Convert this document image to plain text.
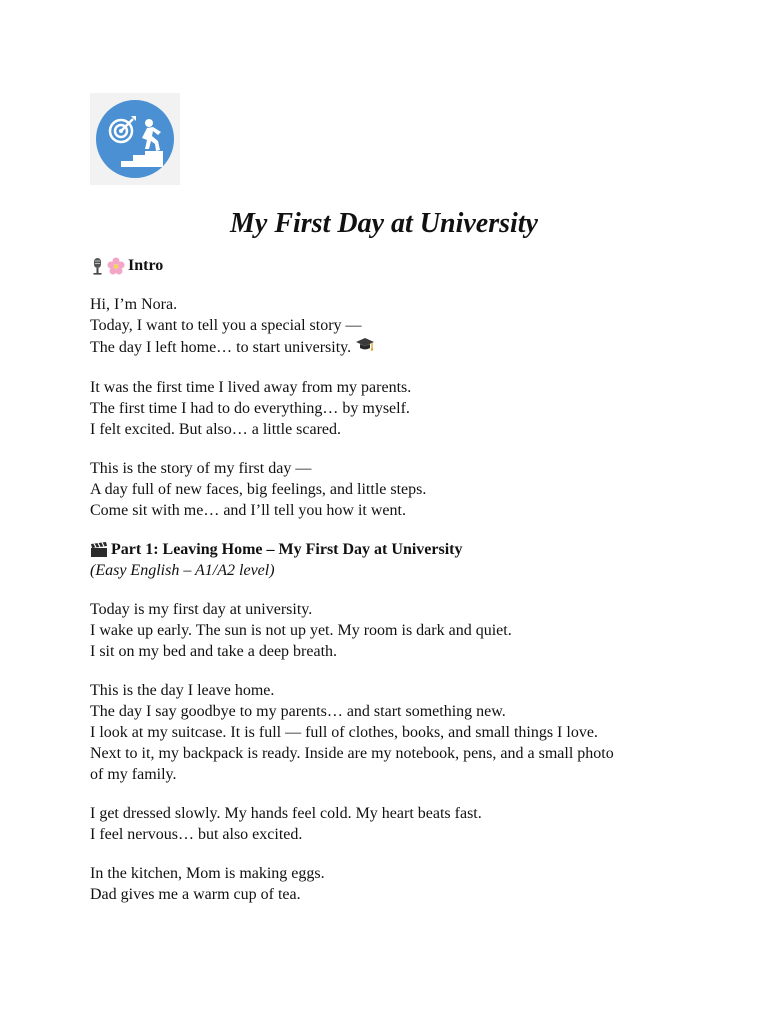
My First Day at University
Intro

Hi, I’m Nora.

Today, I want to tell you a special story —

The day I left home… to start university.

It was the first time I lived away from my parents.

The first time I had to do everything… by myself.

I felt excited. But also… a little scared.

This is the story of my first day —

A day full of new faces, big feelings, and little steps.

Come sit with me… and I’ll tell you how it went.

Part 1: Leaving Home – My First Day at University
(Easy English – A1/A2 level)

Today is my first day at university.

I wake up early. The sun is not up yet. My room is dark and quiet.

I sit on my bed and take a deep breath.

This is the day I leave home.

The day I say goodbye to my parents… and start something new.

I look at my suitcase. It is full — full of clothes, books, and small things I love.

Next to it, my backpack is ready. Inside are my notebook, pens, and a small photo

of my family.

I get dressed slowly. My hands feel cold. My heart beats fast.

I feel nervous… but also excited.

In the kitchen, Mom is making eggs.

Dad gives me a warm cup of tea.
